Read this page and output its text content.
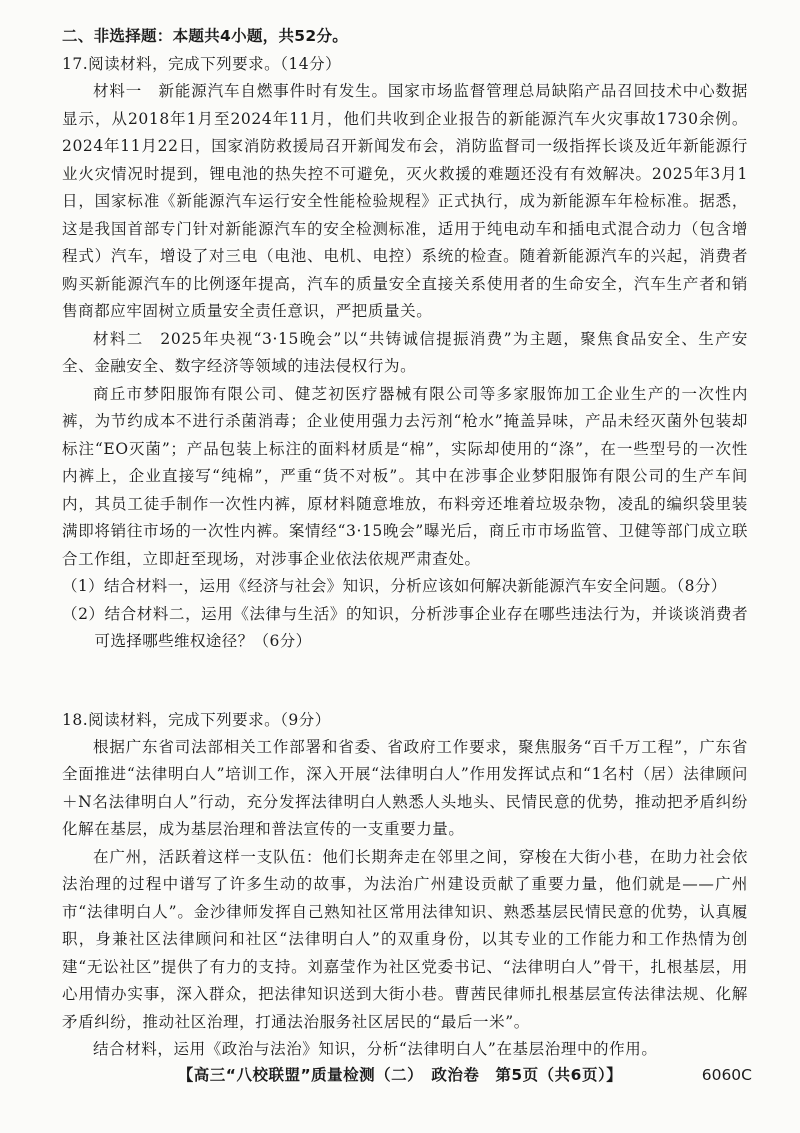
二、非选择题：本题共4小题，共52分。
17.阅读材料，完成下列要求。（14分）

材料一　新能源汽车自燃事件时有发生。国家市场监督管理总局缺陷产品召回技术中心数据显示，从2018年1月至2024年11月，他们共收到企业报告的新能源汽车火灾事故1730余例。2024年11月22日，国家消防救援局召开新闻发布会，消防监督司一级指挥长谈及近年新能源行业火灾情况时提到，锂电池的热失控不可避免，灭火救援的难题还没有有效解决。2025年3月1日，国家标准《新能源汽车运行安全性能检验规程》正式执行，成为新能源车年检标准。据悉，这是我国首部专门针对新能源汽车的安全检测标准，适用于纯电动车和插电式混合动力（包含增程式）汽车，增设了对三电（电池、电机、电控）系统的检查。随着新能源汽车的兴起，消费者购买新能源汽车的比例逐年提高，汽车的质量安全直接关系使用者的生命安全，汽车生产者和销售商都应牢固树立质量安全责任意识，严把质量关。

材料二　2025年央视“3·15晚会”以“共铸诚信提振消费”为主题，聚焦食品安全、生产安全、金融安全、数字经济等领域的违法侵权行为。

商丘市梦阳服饰有限公司、健芝初医疗器械有限公司等多家服饰加工企业生产的一次性内裤，为节约成本不进行杀菌消毒；企业使用强力去污剂“枪水”掩盖异味，产品未经灭菌外包装却标注“EO灭菌”；产品包装上标注的面料材质是“棉”，实际却使用的“涤”，在一些型号的一次性内裤上，企业直接写“纯棉”，严重“货不对板”。其中在涉事企业梦阳服饰有限公司的生产车间内，其员工徒手制作一次性内裤，原材料随意堆放，布料旁还堆着垃圾杂物，凌乱的编织袋里装满即将销往市场的一次性内裤。案情经“3·15晚会”曝光后，商丘市市场监管、卫健等部门成立联合工作组，立即赶至现场，对涉事企业依法依规严肃查处。

（1）结合材料一，运用《经济与社会》知识，分析应该如何解决新能源汽车安全问题。（8分）

（2）结合材料二，运用《法律与生活》的知识，分析涉事企业存在哪些违法行为，并谈谈消费者可选择哪些维权途径？（6分）

18.阅读材料，完成下列要求。（9分）

根据广东省司法部相关工作部署和省委、省政府工作要求，聚焦服务“百千万工程”，广东省全面推进“法律明白人”培训工作，深入开展“法律明白人”作用发挥试点和“1名村（居）法律顾问＋N名法律明白人”行动，充分发挥法律明白人熟悉人头地头、民情民意的优势，推动把矛盾纠纷化解在基层，成为基层治理和普法宣传的一支重要力量。

在广州，活跃着这样一支队伍：他们长期奔走在邻里之间，穿梭在大街小巷，在助力社会依法治理的过程中谱写了许多生动的故事，为法治广州建设贡献了重要力量，他们就是——广州市“法律明白人”。金沙律师发挥自己熟知社区常用法律知识、熟悉基层民情民意的优势，认真履职，身兼社区法律顾问和社区“法律明白人”的双重身份，以其专业的工作能力和工作热情为创建“无讼社区”提供了有力的支持。刘嘉莹作为社区党委书记、“法律明白人”骨干，扎根基层，用心用情办实事，深入群众，把法律知识送到大街小巷。曹茜民律师扎根基层宣传法律法规、化解矛盾纠纷，推动社区治理，打通法治服务社区居民的“最后一米”。

结合材料，运用《政治与法治》知识，分析“法律明白人”在基层治理中的作用。

【高三“八校联盟”质量检测（二）　政治卷　第5页（共6页）】	6060C
